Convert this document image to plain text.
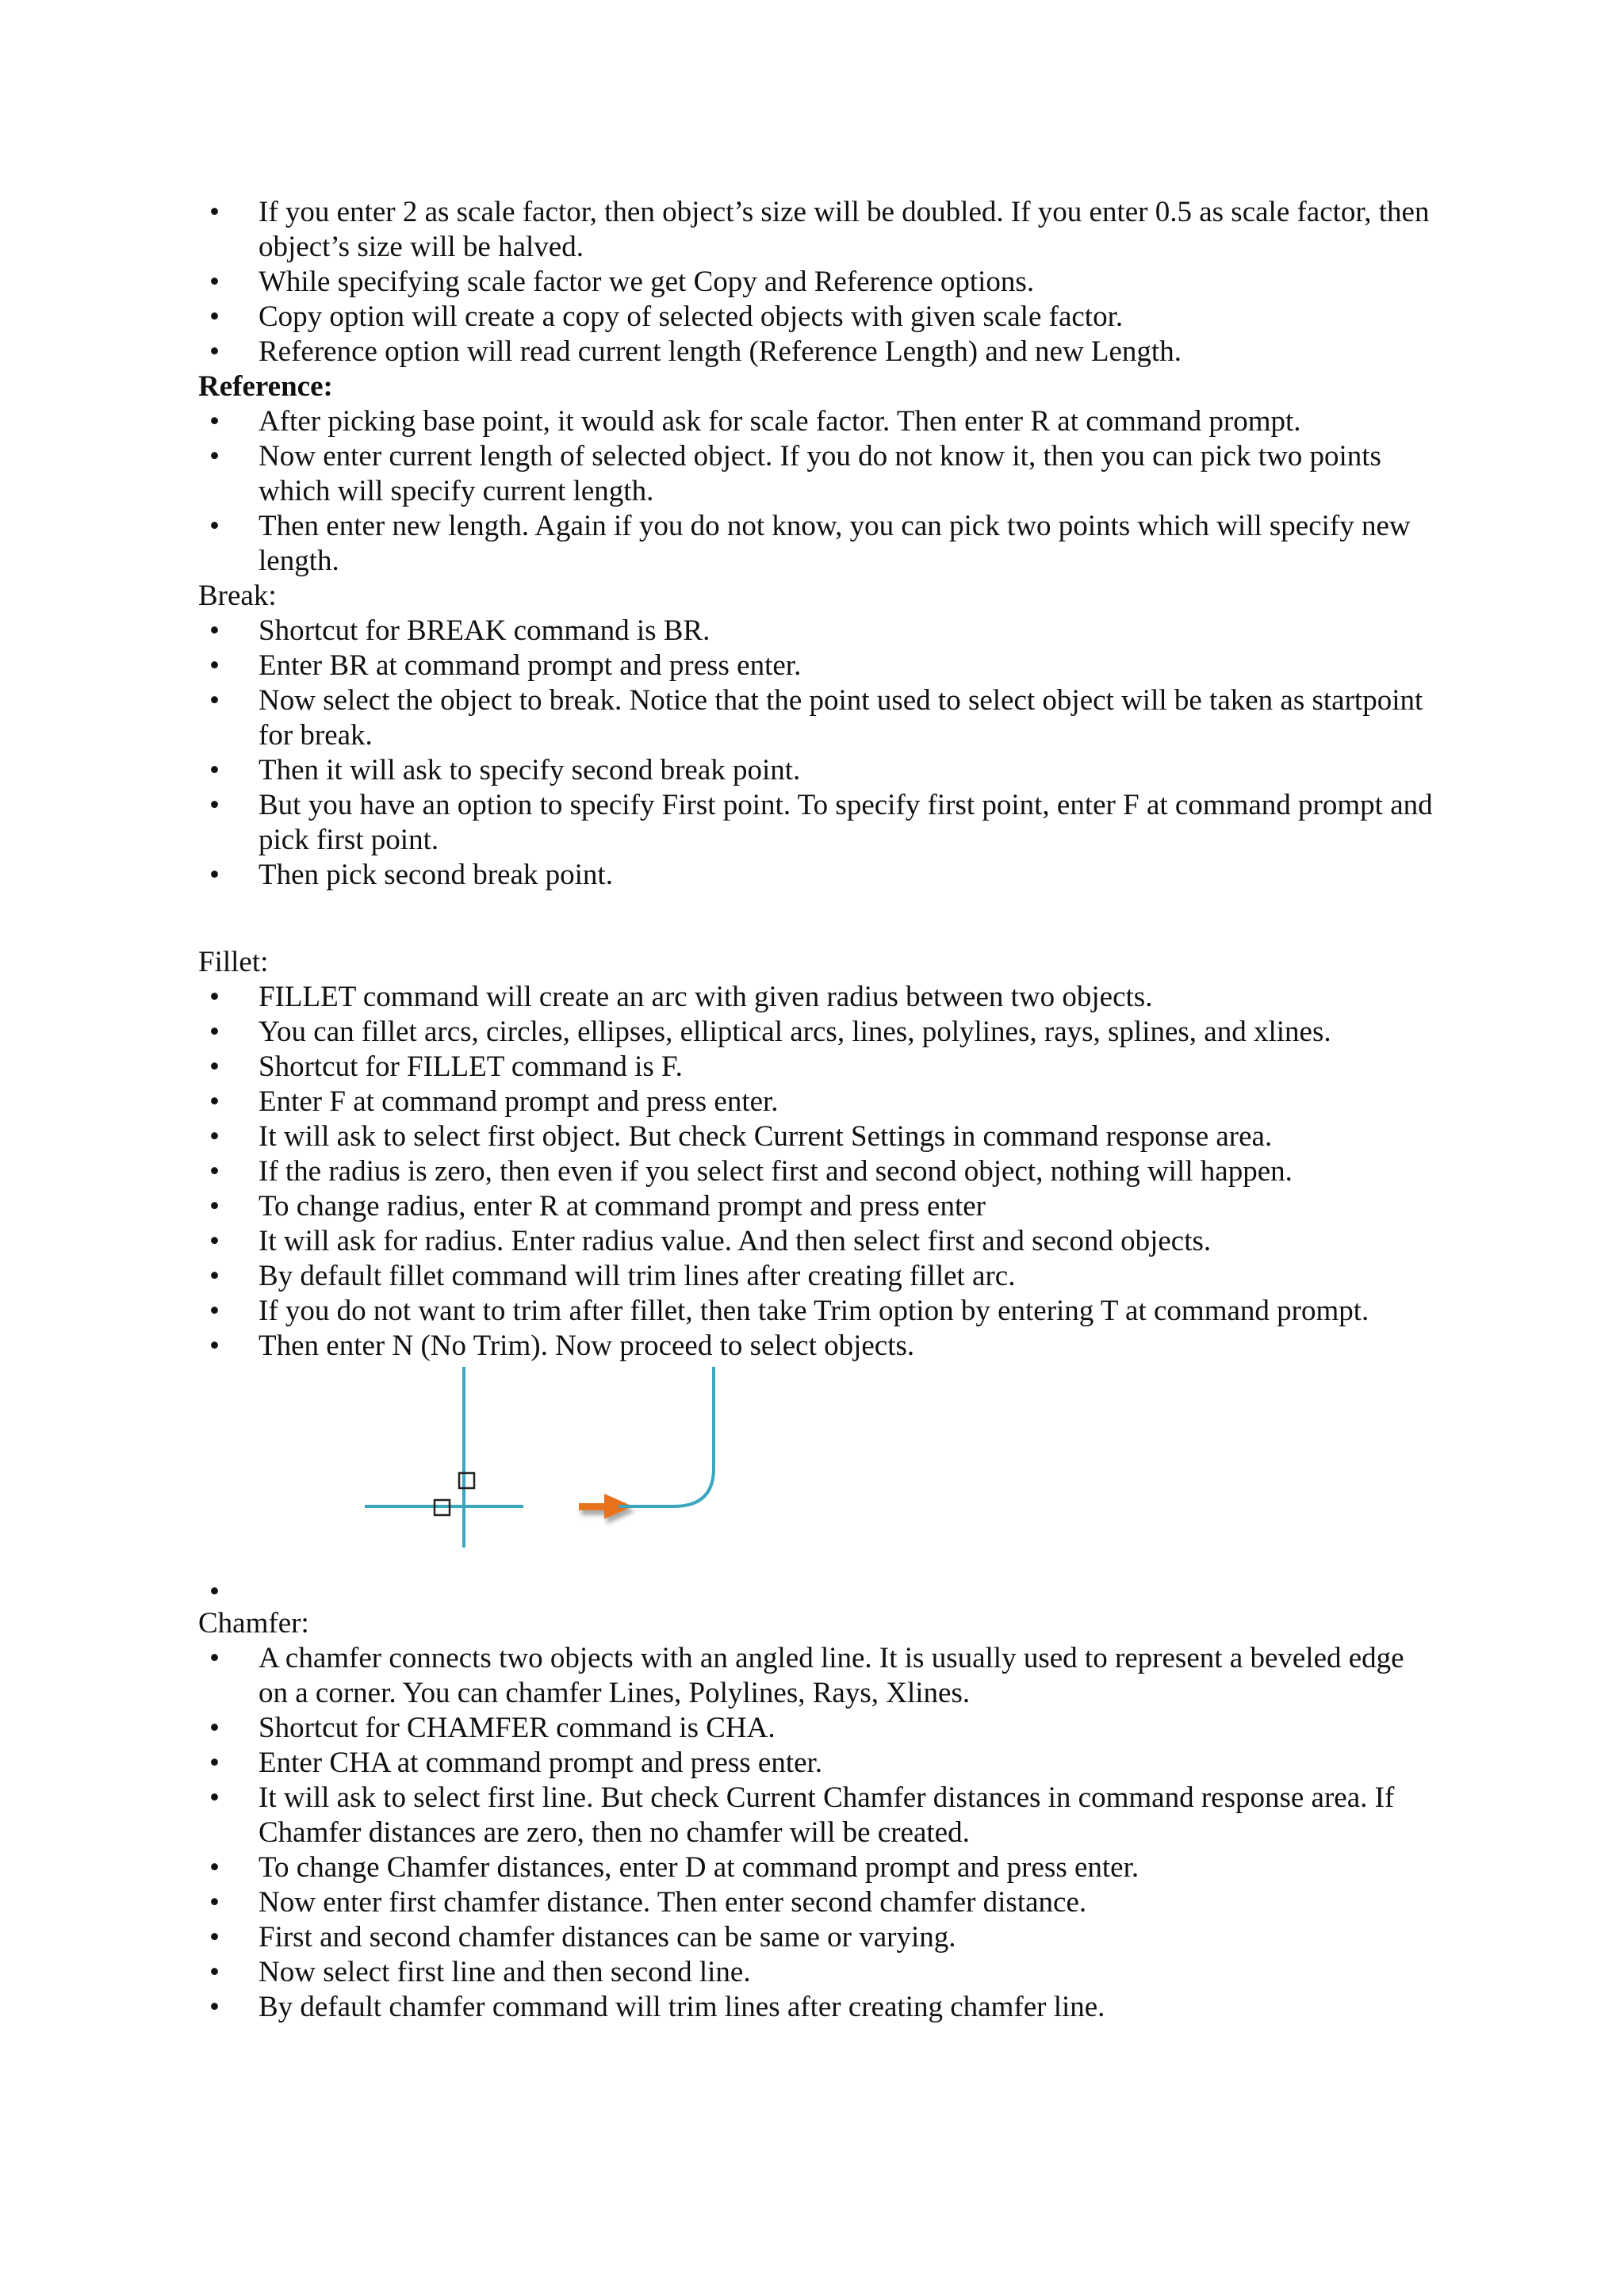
• If you enter 2 as scale factor, then object’s size will be doubled. If you enter 0.5 as scale factor, then object’s size will be halved.
• While specifying scale factor we get Copy and Reference options.
• Copy option will create a copy of selected objects with given scale factor.
• Reference option will read current length (Reference Length) and new Length.

Reference:

• After picking base point, it would ask for scale factor. Then enter R at command prompt.
• Now enter current length of selected object. If you do not know it, then you can pick two points which will specify current length.
• Then enter new length. Again if you do not know, you can pick two points which will specify new length.

Break:

• Shortcut for BREAK command is BR.
• Enter BR at command prompt and press enter.
• Now select the object to break. Notice that the point used to select object will be taken as startpoint for break.
• Then it will ask to specify second break point.
• But you have an option to specify First point. To specify first point, enter F at command prompt and pick first point.
• Then pick second break point.

Fillet:

• FILLET command will create an arc with given radius between two objects.
• You can fillet arcs, circles, ellipses, elliptical arcs, lines, polylines, rays, splines, and xlines.
• Shortcut for FILLET command is F.
• Enter F at command prompt and press enter.
• It will ask to select first object. But check Current Settings in command response area.
• If the radius is zero, then even if you select first and second object, nothing will happen.
• To change radius, enter R at command prompt and press enter
• It will ask for radius. Enter radius value. And then select first and second objects.
• By default fillet command will trim lines after creating fillet arc.
• If you do not want to trim after fillet, then take Trim option by entering T at command prompt.
• Then enter N (No Trim). Now proceed to select objects.
•

Chamfer:

• A chamfer connects two objects with an angled line. It is usually used to represent a beveled edge on a corner. You can chamfer Lines, Polylines, Rays, Xlines.
• Shortcut for CHAMFER command is CHA.
• Enter CHA at command prompt and press enter.
• It will ask to select first line. But check Current Chamfer distances in command response area. If Chamfer distances are zero, then no chamfer will be created.
• To change Chamfer distances, enter D at command prompt and press enter.
• Now enter first chamfer distance. Then enter second chamfer distance.
• First and second chamfer distances can be same or varying.
• Now select first line and then second line.
• By default chamfer command will trim lines after creating chamfer line.
